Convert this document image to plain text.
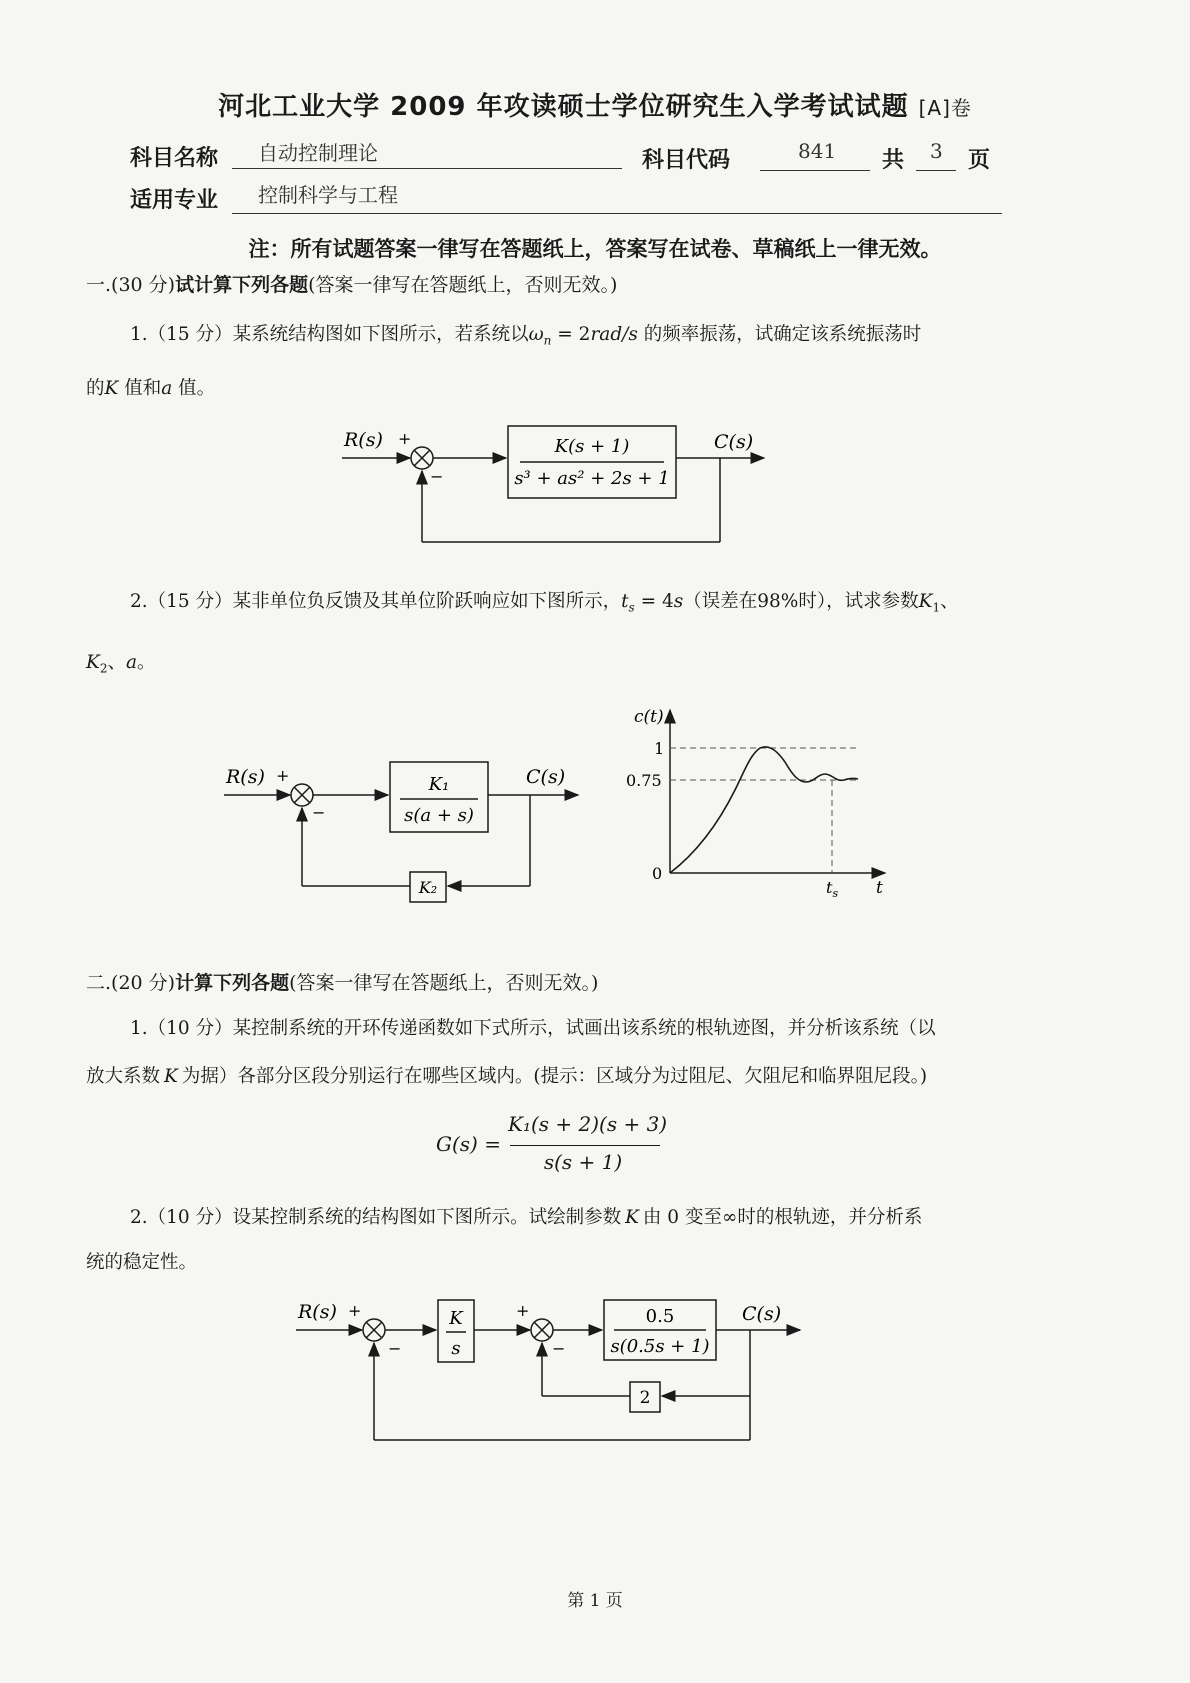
河北工业大学 2009 年攻读硕士学位研究生入学考试试题 [A]卷
科目名称 自动控制理论	科目代码	841 共 3 页
适用专业 控制科学与工程
注：所有试题答案一律写在答题纸上，答案写在试卷、草稿纸上一律无效。
一.(30 分)试计算下列各题(答案一律写在答题纸上，否则无效。)
1.（15 分）某系统结构图如下图所示，若系统以$\omega_n = 2rad/s$ 的频率振荡，试确定该系统振荡时
的K 值和a 值。
R(s) +
−
K(s + 1)
s³ + as² + 2s + 1
C(s)
2.（15 分）某非单位负反馈及其单位阶跃响应如下图所示，$t_s = 4s$（误差在98%时），试求参数$K_1$、
$K_2$、a。
R(s) +
−
K₁
s(a + s)
C(s)
K₂
c(t)
1
0.75
0
$t_s$ t
二.(20 分)计算下列各题(答案一律写在答题纸上，否则无效。)
1.（10 分）某控制系统的开环传递函数如下式所示，试画出该系统的根轨迹图，并分析该系统（以
放大系数 K 为据）各部分区段分别运行在哪些区域内。(提示：区域分为过阻尼、欠阻尼和临界阻尼段。)
G(s) =
K₁(s + 2)(s + 3)
s(s + 1)
2.（10 分）设某控制系统的结构图如下图所示。试绘制参数 K 由 0 变至∞时的根轨迹，并分析系
统的稳定性。
R(s) +
−
K
s
+
−
0.5
s(0.5s + 1)
C(s)
2
第 1 页
